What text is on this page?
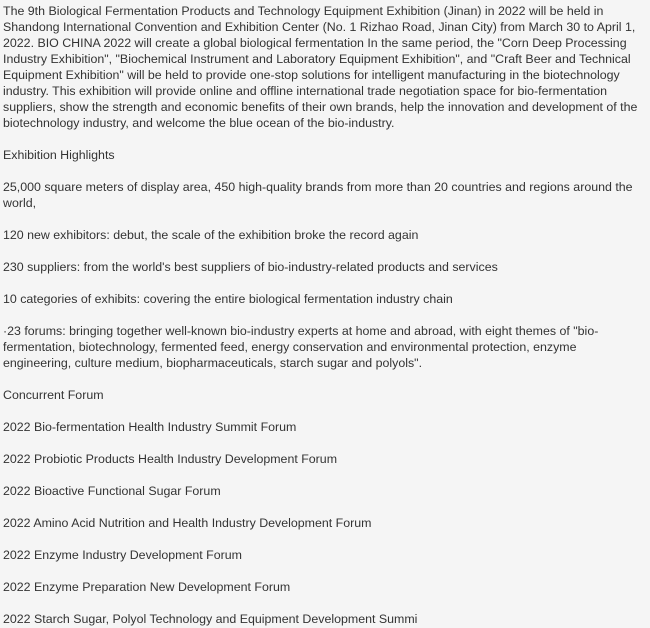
The 9th Biological Fermentation Products and Technology Equipment Exhibition (Jinan) in 2022 will be held in Shandong International Convention and Exhibition Center (No. 1 Rizhao Road, Jinan City) from March 30 to April 1, 2022. BIO CHINA 2022 will create a global biological fermentation In the same period, the "Corn Deep Processing Industry Exhibition", "Biochemical Instrument and Laboratory Equipment Exhibition", and "Craft Beer and Technical Equipment Exhibition" will be held to provide one-stop solutions for intelligent manufacturing in the biotechnology industry. This exhibition will provide online and offline international trade negotiation space for bio-fermentation suppliers, show the strength and economic benefits of their own brands, help the innovation and development of the biotechnology industry, and welcome the blue ocean of the bio-industry.

Exhibition Highlights

25,000 square meters of display area, 450 high-quality brands from more than 20 countries and regions around the world,

120 new exhibitors: debut, the scale of the exhibition broke the record again

230 suppliers: from the world's best suppliers of bio-industry-related products and services

10 categories of exhibits: covering the entire biological fermentation industry chain

·23 forums: bringing together well-known bio-industry experts at home and abroad, with eight themes of "bio-fermentation, biotechnology, fermented feed, energy conservation and environmental protection, enzyme engineering, culture medium, biopharmaceuticals, starch sugar and polyols".

Concurrent Forum

2022 Bio-fermentation Health Industry Summit Forum

2022 Probiotic Products Health Industry Development Forum

2022 Bioactive Functional Sugar Forum

2022 Amino Acid Nutrition and Health Industry Development Forum

2022 Enzyme Industry Development Forum

2022 Enzyme Preparation New Development Forum

2022 Starch Sugar, Polyol Technology and Equipment Development Summi
